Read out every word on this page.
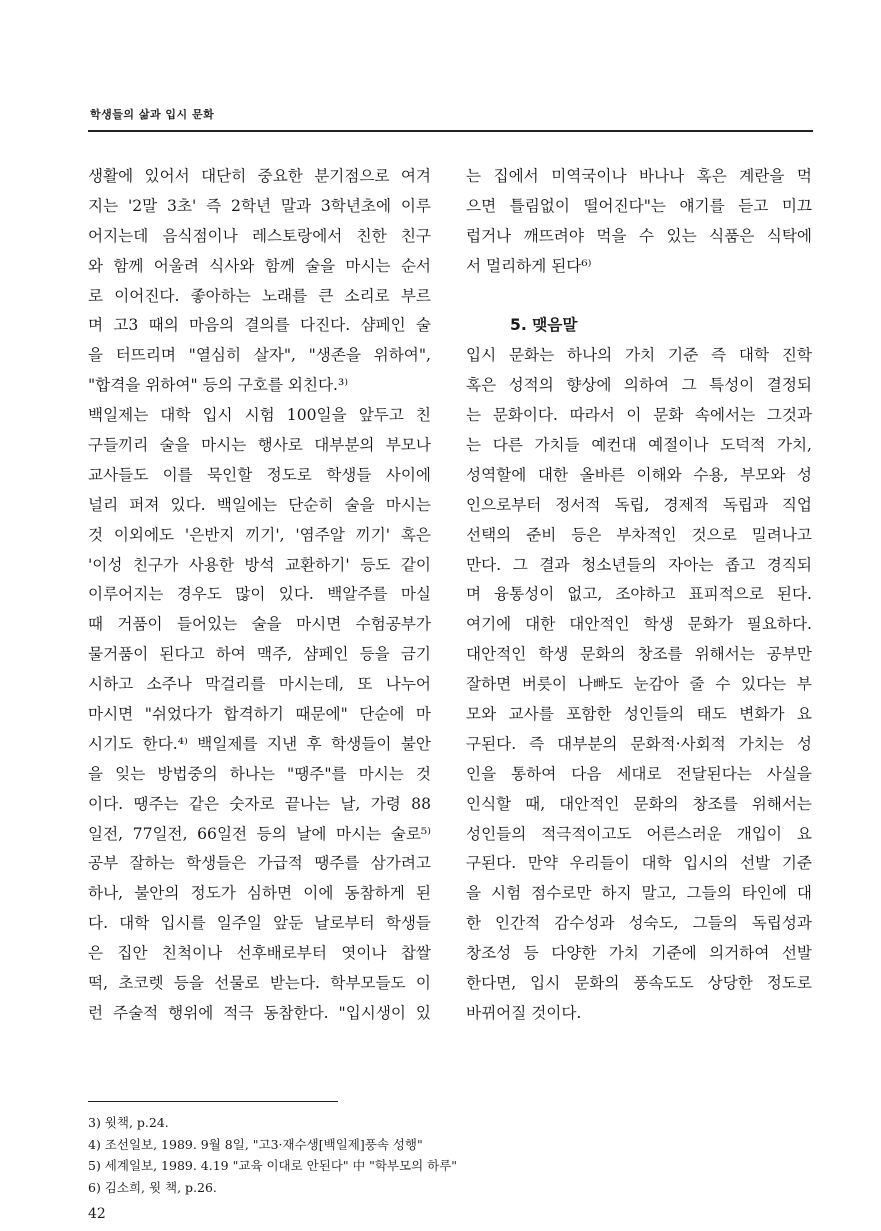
학생들의 삶과 입시 문화
생활에 있어서 대단히 중요한 분기점으로 여겨
지는 '2말 3초' 즉 2학년 말과 3학년초에 이루
어지는데 음식점이나 레스토랑에서 친한 친구
와 함께 어울려 식사와 함께 술을 마시는 순서
로 이어진다. 좋아하는 노래를 큰 소리로 부르
며 고3 때의 마음의 결의를 다진다. 샴페인 술
을 터뜨리며 "열심히 살자", "생존을 위하여",
"합격을 위하여" 등의 구호를 외친다.³⁾
백일제는 대학 입시 시험 100일을 앞두고 친
구들끼리 술을 마시는 행사로 대부분의 부모나
교사들도 이를 묵인할 정도로 학생들 사이에
널리 퍼져 있다. 백일에는 단순히 술을 마시는
것 이외에도 '은반지 끼기', '염주알 끼기' 혹은
'이성 친구가 사용한 방석 교환하기' 등도 같이
이루어지는 경우도 많이 있다. 백알주를 마실
때 거품이 들어있는 술을 마시면 수험공부가
물거품이 된다고 하여 맥주, 샴페인 등을 금기
시하고 소주나 막걸리를 마시는데, 또 나누어
마시면 "쉬었다가 합격하기 때문에" 단순에 마
시기도 한다.⁴⁾ 백일제를 지낸 후 학생들이 불안
을 잊는 방법중의 하나는 "땡주"를 마시는 것
이다. 땡주는 같은 숫자로 끝나는 날, 가령 88
일전, 77일전, 66일전 등의 날에 마시는 술로⁵⁾
공부 잘하는 학생들은 가급적 땡주를 삼가려고
하나, 불안의 정도가 심하면 이에 동참하게 된
다. 대학 입시를 일주일 앞둔 날로부터 학생들
은 집안 친척이나 선후배로부터 엿이나 찹쌀
떡, 초코렛 등을 선물로 받는다. 학부모들도 이
런 주술적 행위에 적극 동참한다. "입시생이 있
는 집에서 미역국이나 바나나 혹은 계란을 먹
으면 틀림없이 떨어진다"는 얘기를 듣고 미끄
럽거나 깨뜨려야 먹을 수 있는 식품은 식탁에
서 멀리하게 된다⁶⁾
5. 맺음말
입시 문화는 하나의 가치 기준 즉 대학 진학
혹은 성적의 향상에 의하여 그 특성이 결정되
는 문화이다. 따라서 이 문화 속에서는 그것과
는 다른 가치들 예컨대 예절이나 도덕적 가치,
성역할에 대한 올바른 이해와 수용, 부모와 성
인으로부터 정서적 독립, 경제적 독립과 직업
선택의 준비 등은 부차적인 것으로 밀려나고
만다. 그 결과 청소년들의 자아는 좁고 경직되
며 융통성이 없고, 조야하고 표피적으로 된다.
여기에 대한 대안적인 학생 문화가 필요하다.
대안적인 학생 문화의 창조를 위해서는 공부만
잘하면 버릇이 나빠도 눈감아 줄 수 있다는 부
모와 교사를 포함한 성인들의 태도 변화가 요
구된다. 즉 대부분의 문화적·사회적 가치는 성
인을 통하여 다음 세대로 전달된다는 사실을
인식할 때, 대안적인 문화의 창조를 위해서는
성인들의 적극적이고도 어른스러운 개입이 요
구된다. 만약 우리들이 대학 입시의 선발 기준
을 시험 점수로만 하지 말고, 그들의 타인에 대
한 인간적 감수성과 성숙도, 그들의 독립성과
창조성 등 다양한 가치 기준에 의거하여 선발
한다면, 입시 문화의 풍속도도 상당한 정도로
바뀌어질 것이다.
3) 윗책, p.24.
4) 조선일보, 1989. 9월 8일, "고3·재수생[백일제]풍속 성행"
5) 세계일보, 1989. 4.19 "교육 이대로 안된다" 中 "학부모의 하루"
6) 김소희, 윗 책, p.26.
42
